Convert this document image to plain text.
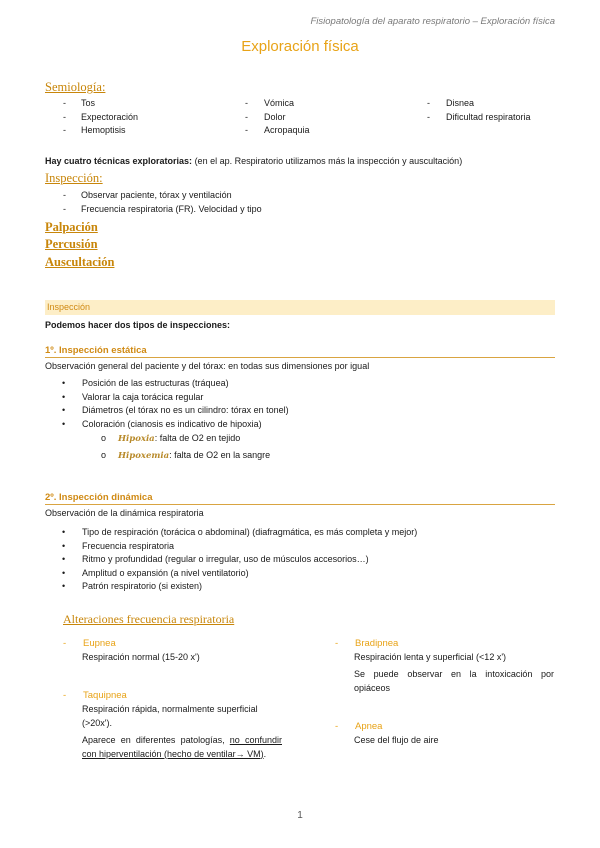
Fisiopatología del aparato respiratorio – Exploración física
Exploración física
Semiología:
- Tos
- Expectoración
- Hemoptisis
- Vómica
- Dolor
- Acropaquia
- Disnea
- Dificultad respiratoria
Hay cuatro técnicas exploratorias: (en el ap. Respiratorio utilizamos más la inspección y auscultación)
Inspección:
- Observar paciente, tórax y ventilación
- Frecuencia respiratoria (FR). Velocidad y tipo
Palpación
Percusión
Auscultación
Inspección
Podemos hacer dos tipos de inspecciones:
1º. Inspección estática
Observación general del paciente y del tórax: en todas sus dimensiones por igual
• Posición de las estructuras (tráquea)
• Valorar la caja torácica regular
• Diámetros (el tórax no es un cilindro: tórax en tonel)
• Coloración (cianosis es indicativo de hipoxia)
o Hipoxia: falta de O2 en tejido
o Hipoxemia: falta de O2 en la sangre
2º. Inspección dinámica
Observación de la dinámica respiratoria
• Tipo de respiración (torácica o abdominal) (diafragmática, es más completa y mejor)
• Frecuencia respiratoria
• Ritmo y profundidad (regular o irregular, uso de músculos accesorios…)
• Amplitud o expansión (a nivel ventilatorio)
• Patrón respiratorio (si existen)
Alteraciones frecuencia respiratoria
- Eupnea
Respiración normal (15-20 x')
- Taquipnea
Respiración rápida, normalmente superficial (>20x').
Aparece en diferentes patologías, no confundir con hiperventilación (hecho de ventilar→ VM).
- Bradipnea
Respiración lenta y superficial (<12 x')
Se puede observar en la intoxicación por opiáceos
- Apnea
Cese del flujo de aire
1
